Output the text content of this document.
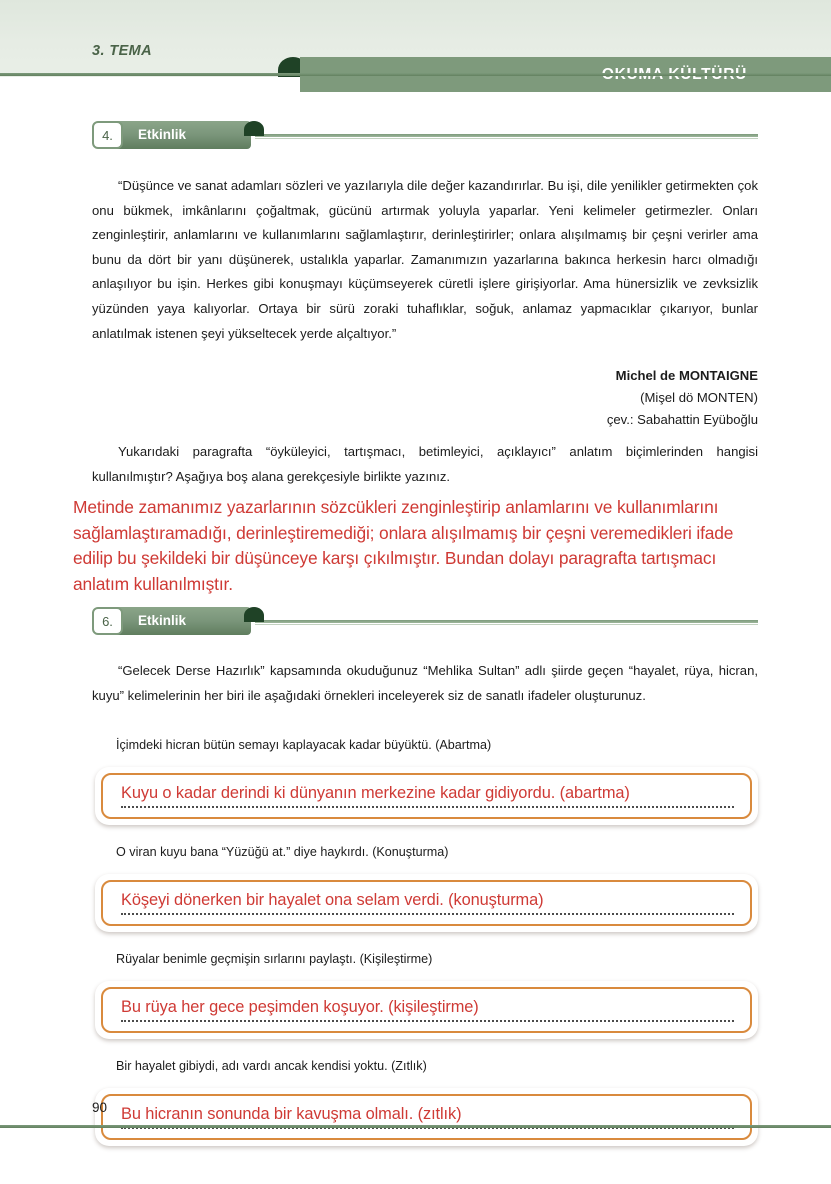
3. TEMA
4.	Etkinlik
“Düşünce ve sanat adamları sözleri ve yazılarıyla dile değer kazandırırlar. Bu işi, dile yenilikler getirmekten çok onu bükmek, imkânlarını çoğaltmak, gücünü artırmak yoluyla yaparlar. Yeni kelimeler getirmezler. Onları zenginleştirir, anlamlarını ve kullanımlarını sağlamlaştırır, derinleştirirler; onlara alışılmamış bir çeşni verirler ama bunu da dört bir yanı düşünerek, ustalıkla yaparlar. Zamanımızın yazarlarına bakınca herkesin harcı olmadığı anlaşılıyor bu işin. Herkes gibi konuşmayı küçümseyerek cüretli işlere girişiyorlar. Ama hünersizlik ve zevksizlik yüzünden yaya kalıyorlar. Ortaya bir sürü zoraki tuhaflıklar, soğuk, anlamaz yapmacıklar çıkarıyor, bunlar anlatılmak istenen şeyi yükseltecek yerde alçaltıyor.”
Michel de MONTAIGNE
(Mişel dö MONTEN)
çev.: Sabahattin Eyüboğlu
Yukarıdaki paragrafta “öyküleyici, tartışmacı, betimleyici, açıklayıcı” anlatım biçimlerinden hangisi kullanılmıştır? Aşağıya boş alana gerekçesiyle birlikte yazınız.
Metinde zamanımız yazarlarının sözcükleri zenginleştirip anlamlarını ve kullanımlarını sağlamlaştıramadığı, derinleştiremediği; onlara alışılmamış bir çeşni veremedikleri ifade edilip bu şekildeki bir düşünceye karşı çıkılmıştır. Bundan dolayı paragrafta tartışmacı anlatım kullanılmıştır.
6.	Etkinlik
“Gelecek Derse Hazırlık” kapsamında okuduğunuz “Mehlika Sultan” adlı şiirde geçen “hayalet, rüya, hicran, kuyu” kelimelerinin her biri ile aşağıdaki örnekleri inceleyerek siz de sanatlı ifadeler oluşturunuz.
İçimdeki hicran bütün semayı kaplayacak kadar büyüktü. (Abartma)
Kuyu o kadar derindi ki dünyanın merkezine kadar gidiyordu. (abartma)
O viran kuyu bana “Yüzüğü at.” diye haykırdı. (Konuşturma)
Köşeyi dönerken bir hayalet ona selam verdi. (konuşturma)
Rüyalar benimle geçmişin sırlarını paylaştı. (Kişileştirme)
Bu rüya her gece peşimden koşuyor. (kişileştirme)
Bir hayalet gibiydi, adı vardı ancak kendisi yoktu. (Zıtlık)
Bu hicranın sonunda bir kavuşma olmalı. (zıtlık)
90
